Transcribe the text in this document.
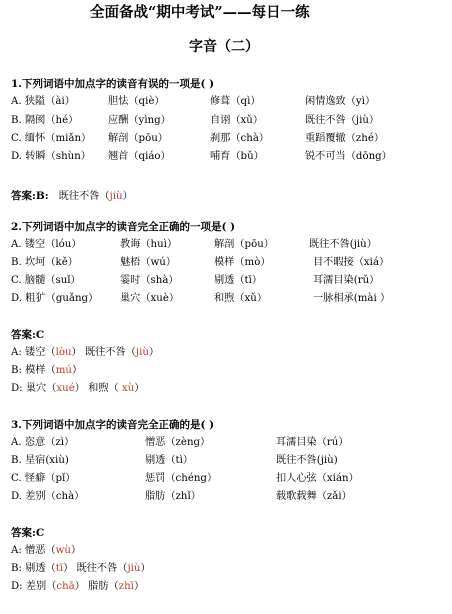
全面备战“期中考试”——每日一练
字音（二）
1.下列词语中加点字的读音有误的一项是( )
A. 狭隘（ài）	胆怯（qiè）	修葺（qì）	闲情逸致（yì）
B. 隔阂（hé）	应酬（yìng）	自诩（xǔ）	既往不咎（jiù）
C. 缅怀（miǎn） 解剖（pōu）	刹那（chà）	重蹈覆辙（zhé）
D. 转瞬（shùn） 翘首（qiáo）	哺育（bǔ）	锐不可当（dōng）
答案:B: 既往不咎（jiù）
2.下列词语中加点字的读音完全正确的一项是( )
A. 镂空（lóu）	教诲（huì）	解剖（pōu）	既往不咎(jiù）
B. 坎坷（kě）	魅梧（wú）	模样（mò）	目不暇接（xiá）
C. 脑髓（suǐ）	霎时（shà）	剔透（tī）	耳濡目染(rǔ）
D. 粗犷（guǎng） 巢穴（xuè）	和煦（xǔ）	一脉相承(mài ）
答案:C
A: 镂空（lòu） 既往不咎（jiù）
B: 模样（mú）
D: 巢穴（xué） 和煦（ xù）
3.下列词语中加点字的读音完全正确的是( )
A. 恣意（zì）	憎恶（zèng）	耳濡目染（rú）
B. 星宿(xiù)	剔透（tì）	既往不咎(jiù)
C. 怪癖（pǐ）	惩罚（chéng）	扣人心弦（xián）
D. 差别（chà）	脂肪（zhǐ）	载歌载舞（zǎi）
答案:C
A: 憎恶（wù）
B: 剔透（tī） 既往不咎（jiù）
D: 差别（chā） 脂肪（zhī）
